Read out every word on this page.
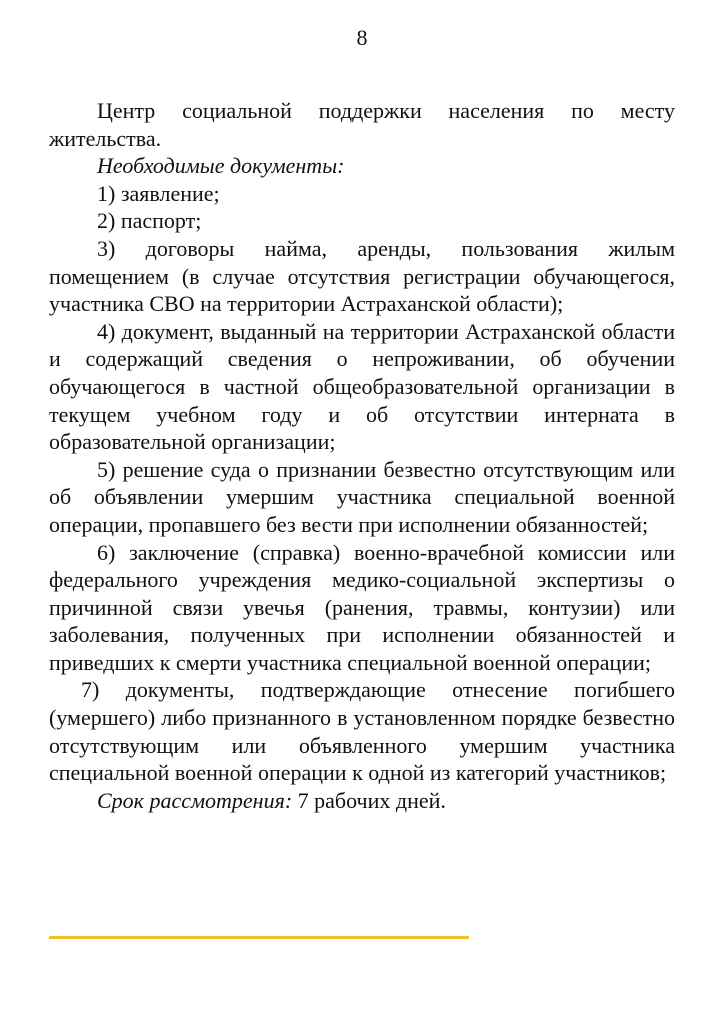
8

Центр социальной поддержки населения по месту жительства.

Необходимые документы:

1) заявление;

2) паспорт;

3) договоры найма, аренды, пользования жилым помещением (в случае отсутствия регистрации обучающегося, участника СВО на территории Астраханской области);

4) документ, выданный на территории Астраханской области и содержащий сведения о непроживании, об обучении обучающегося в частной общеобразовательной организации в текущем учебном году и об отсутствии интерната в образовательной организации;

5) решение суда о признании безвестно отсутствующим или об объявлении умершим участника специальной военной операции, пропавшего без вести при исполнении обязанностей;

6) заключение (справка) военно-врачебной комиссии или федерального учреждения медико-социальной экспертизы о причинной связи увечья (ранения, травмы, контузии) или заболевания, полученных при исполнении обязанностей и приведших к смерти участника специальной военной операции;

7) документы, подтверждающие отнесение погибшего (умершего) либо признанного в установленном порядке безвестно отсутствующим или объявленного умершим участника специальной военной операции к одной из категорий участников;

Срок рассмотрения: 7 рабочих дней.
